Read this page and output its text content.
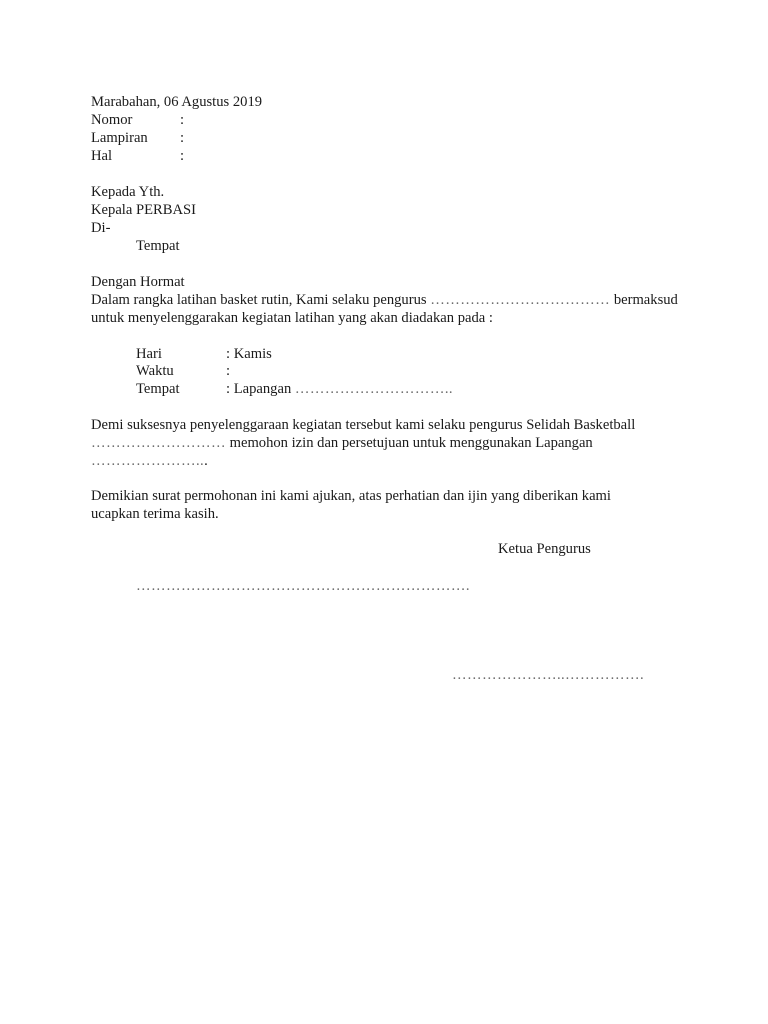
Marabahan, 06 Agustus 2019
Nomor	:
Lampiran :
Hal	:
Kepada Yth.
Kepala PERBASI
Di-
Tempat
Dengan Hormat
Dalam rangka latihan basket rutin, Kami selaku pengurus ……………………………… bermaksud
untuk menyelenggarakan kegiatan latihan yang akan diadakan pada :
Hari	: Kamis
Waktu	:
Tempat	: Lapangan …………………………..
Demi suksesnya penyelenggaraan kegiatan tersebut kami selaku pengurus Selidah Basketball
……………………… memohon izin dan persetujuan untuk menggunakan Lapangan
…………………...
Demikian surat permohonan ini kami ajukan, atas perhatian dan ijin yang diberikan kami
ucapkan terima kasih.
Ketua Pengurus
………………………………………………………….
…………………..…………….
